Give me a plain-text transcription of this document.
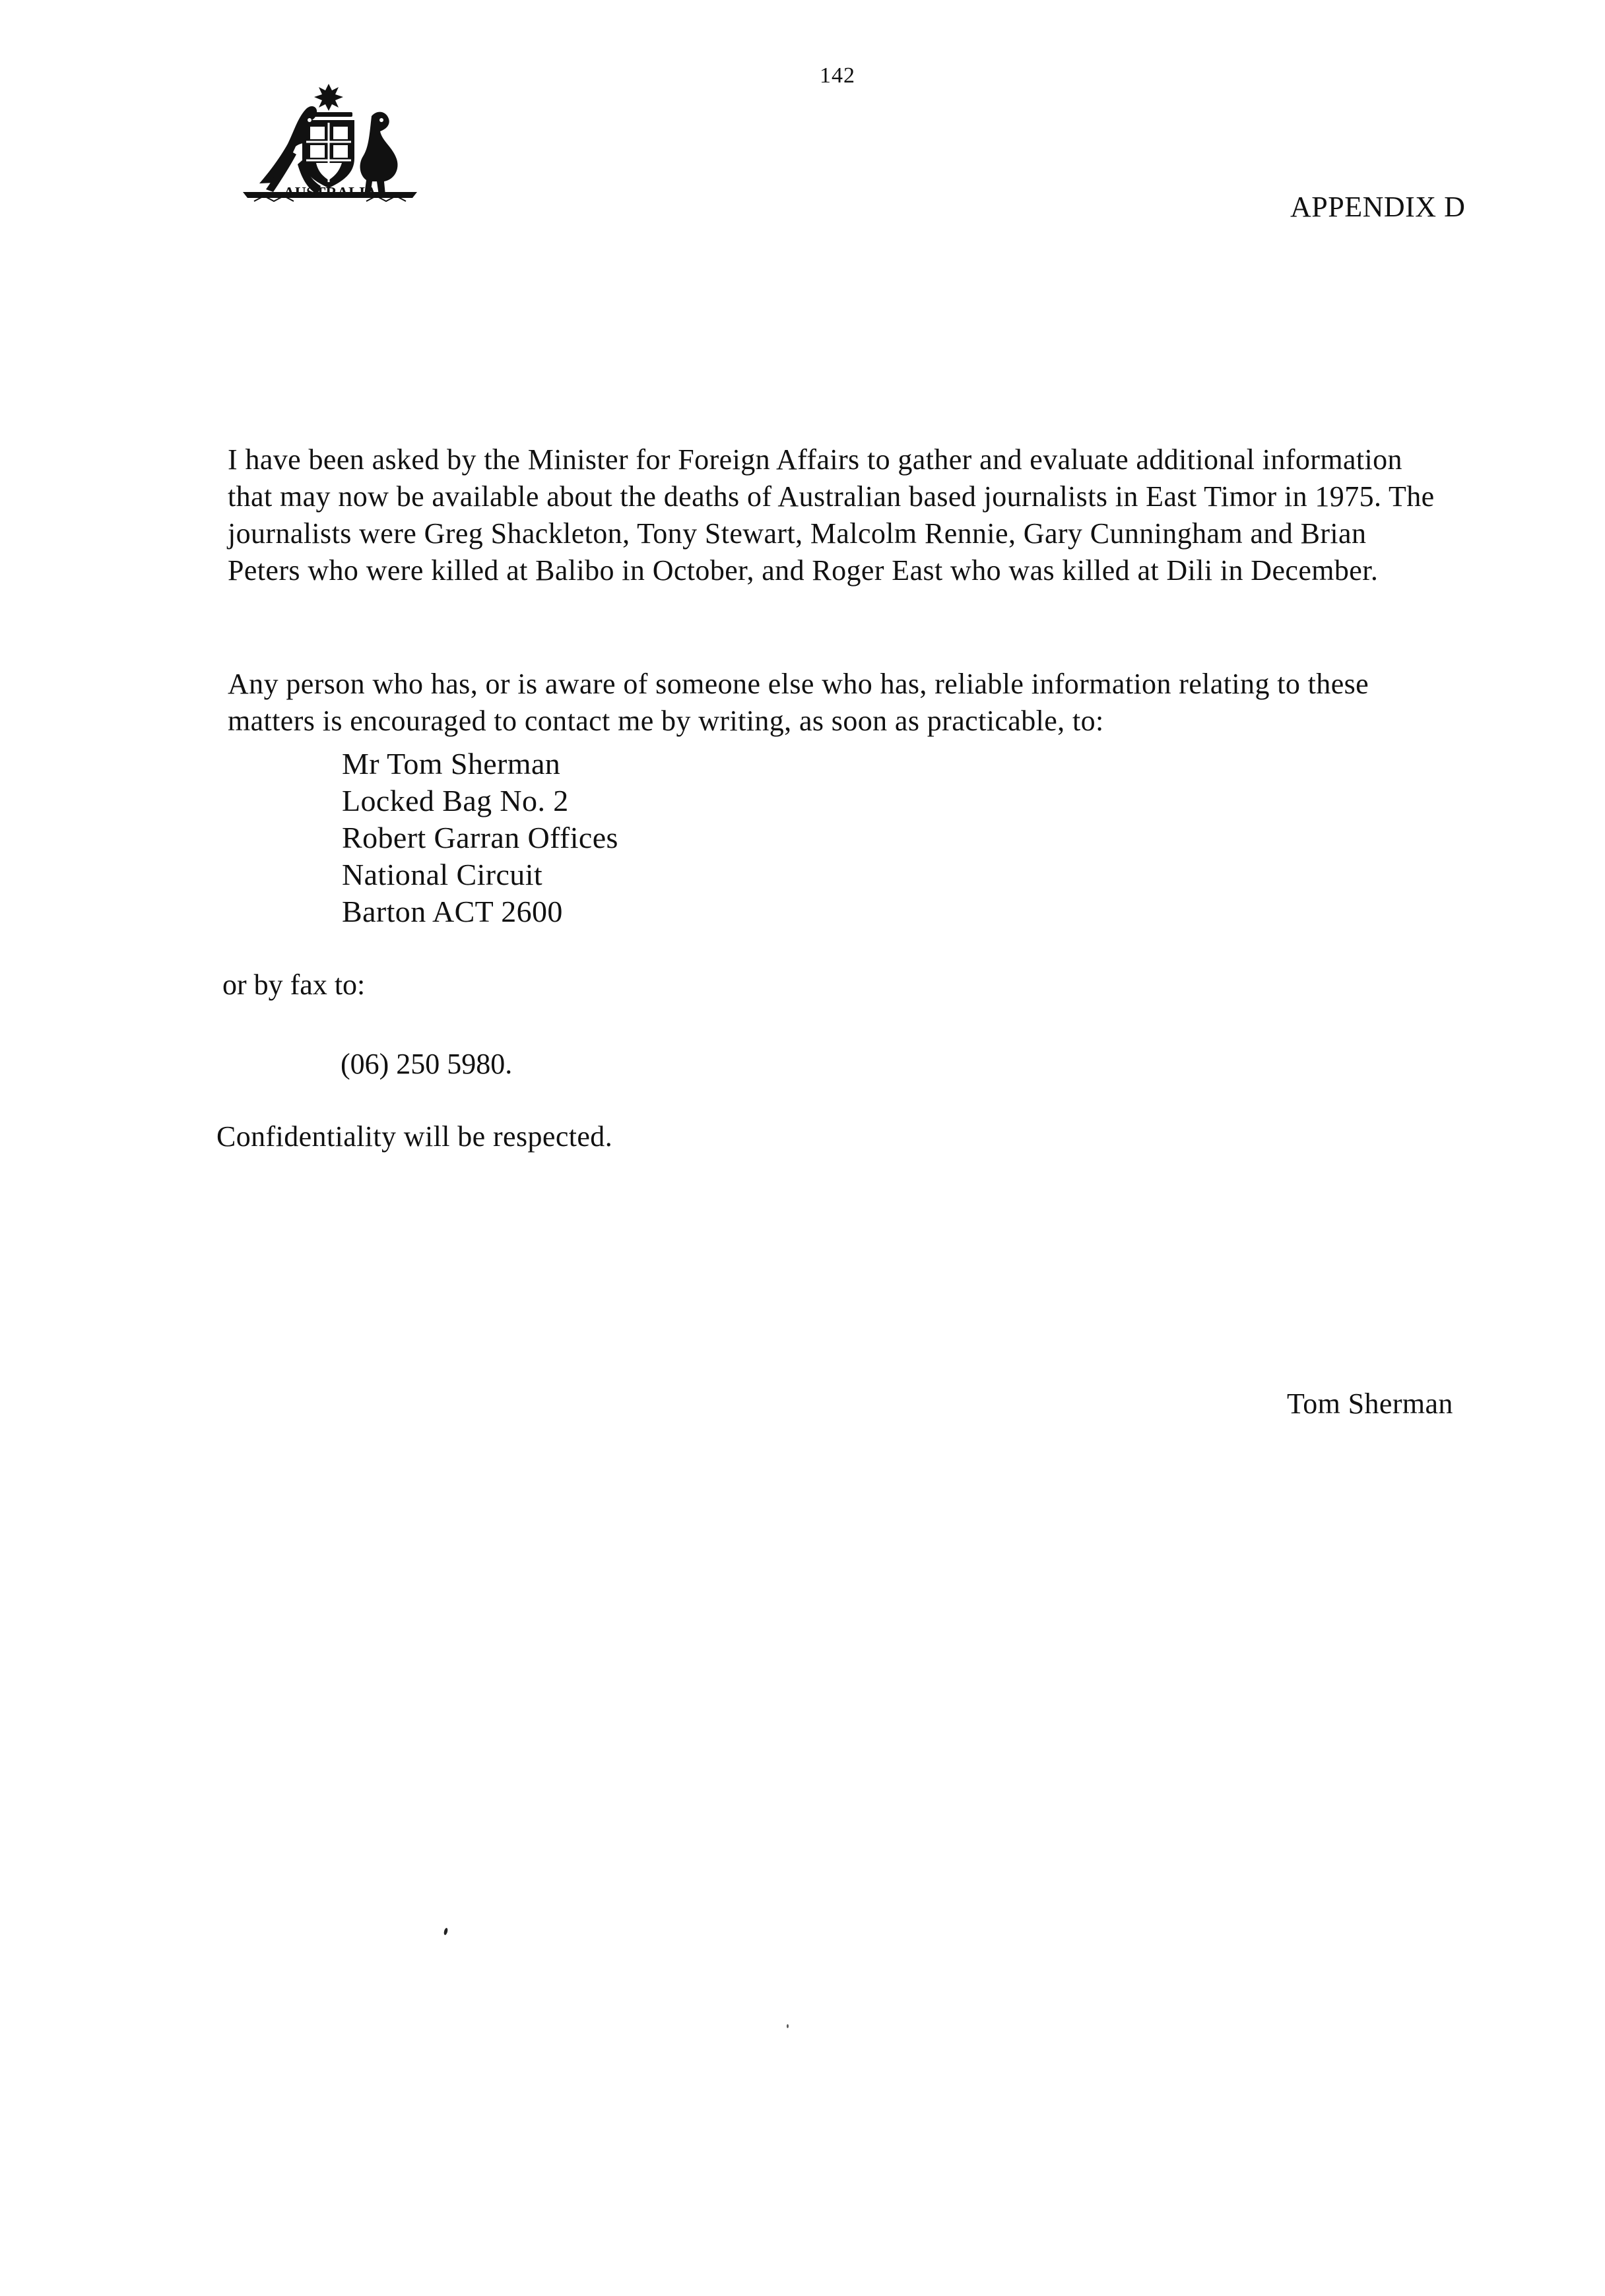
142
AUSTRALIA	APPENDIX D

I have been asked by the Minister for Foreign Affairs to gather and evaluate additional information that may now be available about the deaths of Australian based journalists in East Timor in 1975. The journalists were Greg Shackleton, Tony Stewart, Malcolm Rennie, Gary Cunningham and Brian Peters who were killed at Balibo in October, and Roger East who was killed at Dili in December.

Any person who has, or is aware of someone else who has, reliable information relating to these matters is encouraged to contact me by writing, as soon as practicable, to:

Mr Tom Sherman
Locked Bag No. 2
Robert Garran Offices
National Circuit
Barton ACT 2600
or by fax to:
(06) 250 5980.
Confidentiality will be respected.
Tom Sherman
